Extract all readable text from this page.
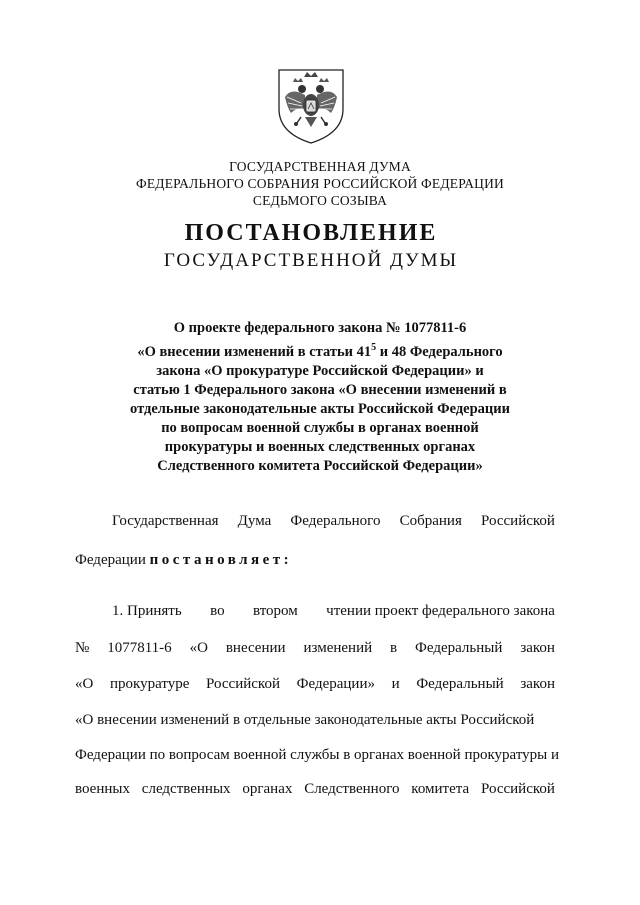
ГОСУДАРСТВЕННАЯ ДУМА
ФЕДЕРАЛЬНОГО СОБРАНИЯ РОССИЙСКОЙ ФЕДЕРАЦИИ
СЕДЬМОГО СОЗЫВА
ПОСТАНОВЛЕНИЕ
ГОСУДАРСТВЕННОЙ ДУМЫ
О проекте федерального закона № 1077811-6
«О внесении изменений в статьи $41^5$ и 48 Федерального
закона «О прокуратуре Российской Федерации» и
статью 1 Федерального закона «О внесении изменений в
отдельные законодательные акты Российской Федерации
по вопросам военной службы в органах военной
прокуратуры и военных следственных органах
Следственного комитета Российской Федерации»
Государственная Дума Федерального Собрания Российской
Федерации постановляет:
1. Принять во втором чтении проект федерального закона
№ 1077811-6 «О внесении изменений в Федеральный закон
«О прокуратуре Российской Федерации» и Федеральный закон
«О внесении изменений в отдельные законодательные акты Российской
Федерации по вопросам военной службы в органах военной прокуратуры и
военных следственных органах Следственного комитета Российской
